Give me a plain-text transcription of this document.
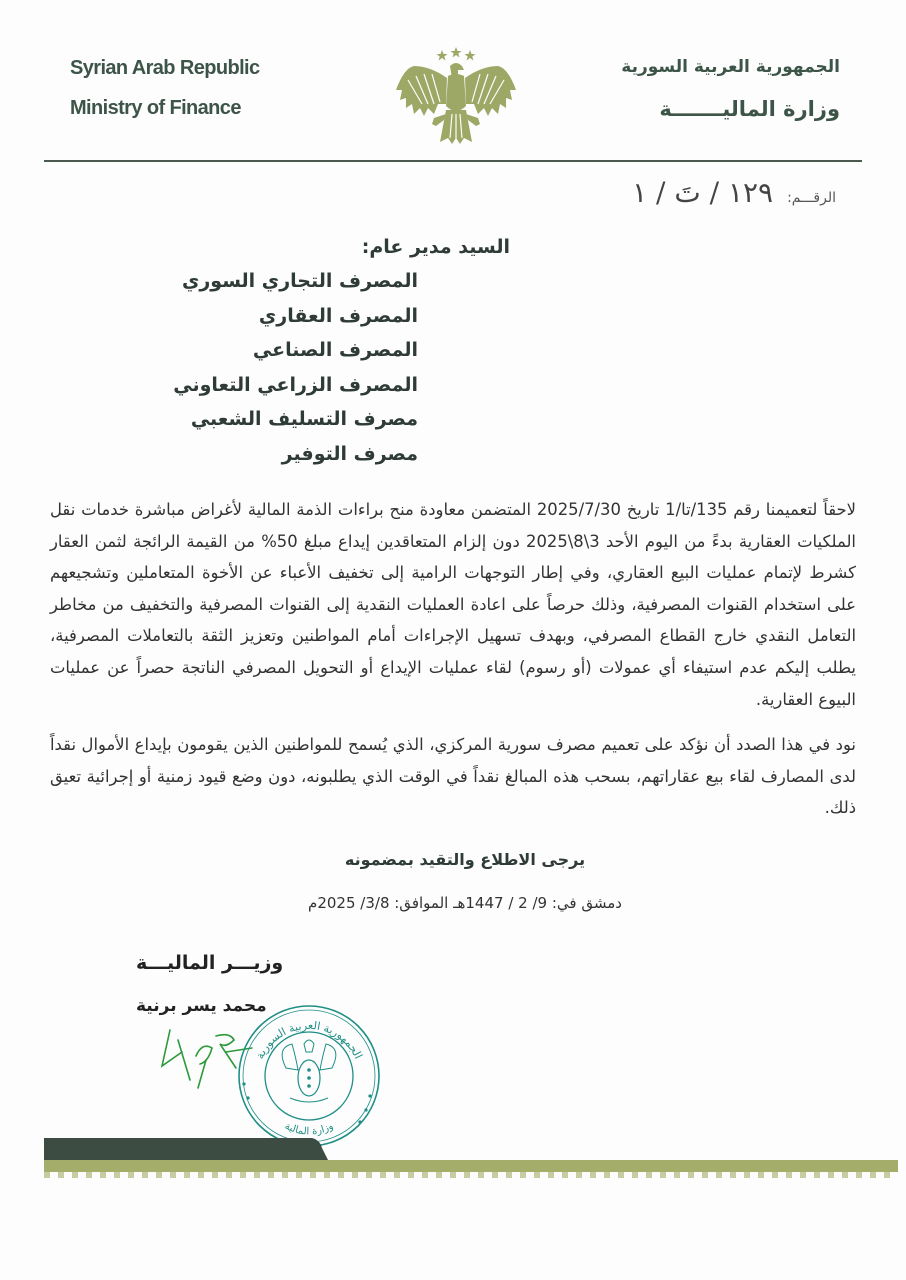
Syrian Arab Republic
Ministry of Finance
الجمهورية العربية السورية
وزارة الماليـــــــة
الرقـــم:
١٢٩ / تَ / ١
السيد مدير عام:
المصرف التجاري السوري
المصرف العقاري
المصرف الصناعي
المصرف الزراعي التعاوني
مصرف التسليف الشعبي
مصرف التوفير

لاحقاً لتعميمنا رقم 135/تا/1 تاريخ 2025/7/30 المتضمن معاودة منح براءات الذمة المالية لأغراض مباشرة خدمات نقل الملكيات العقارية بدءً من اليوم الأحد 3\8\2025 دون إلزام المتعاقدين إيداع مبلغ 50% من القيمة الرائجة لثمن العقار كشرط لإتمام عمليات البيع العقاري، وفي إطار التوجهات الرامية إلى تخفيف الأعباء عن الأخوة المتعاملين وتشجيعهم على استخدام القنوات المصرفية، وذلك حرصاً على اعادة العمليات النقدية إلى القنوات المصرفية والتخفيف من مخاطر التعامل النقدي خارج القطاع المصرفي، وبهدف تسهيل الإجراءات أمام المواطنين وتعزيز الثقة بالتعاملات المصرفية، يطلب إليكم عدم استيفاء أي عمولات (أو رسوم) لقاء عمليات الإيداع أو التحويل المصرفي الناتجة حصراً عن عمليات البيوع العقارية.

نود في هذا الصدد أن نؤكد على تعميم مصرف سورية المركزي، الذي يُسمح للمواطنين الذين يقومون بإيداع الأموال نقداً لدى المصارف لقاء بيع عقاراتهم، بسحب هذه المبالغ نقداً في الوقت الذي يطلبونه، دون وضع قيود زمنية أو إجرائية تعيق ذلك.

يرجى الاطلاع والتقيد بمضمونه
دمشق في: 9/ 2 / 1447هـ الموافق: 3/8/ 2025م
وزيـــر الماليـــة
محمد يسر برنية
الجمهورية العربية السورية
وزارة المالية
